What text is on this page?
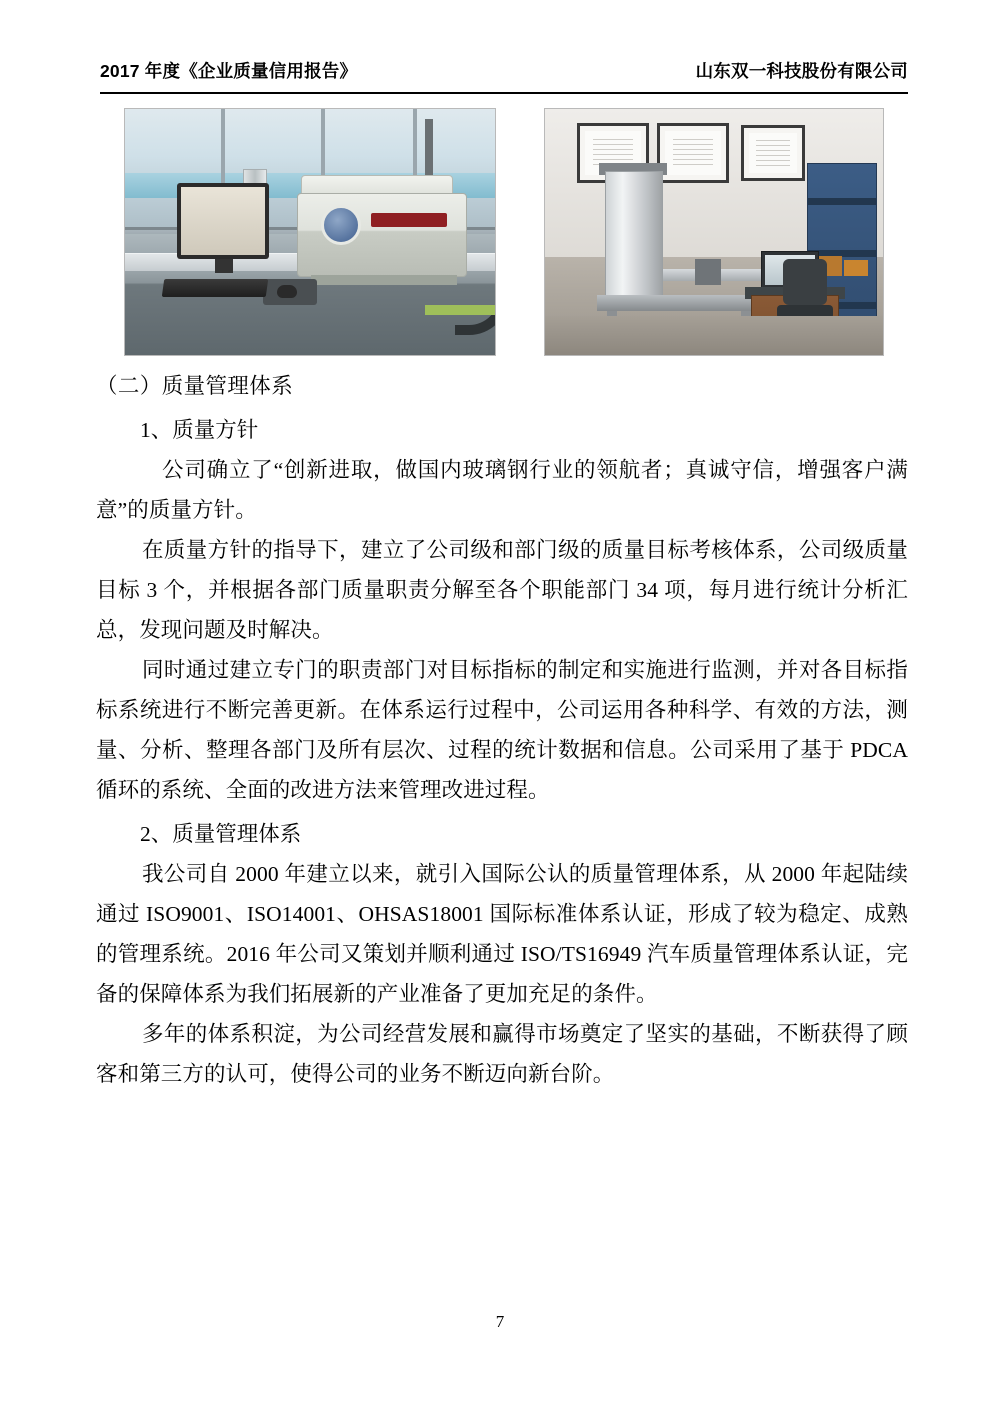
2017 年度《企业质量信用报告》	山东双一科技股份有限公司

（二）质量管理体系

1、质量方针

公司确立了“创新进取，做国内玻璃钢行业的领航者；真诚守信，增强客户满意”的质量方针。

在质量方针的指导下，建立了公司级和部门级的质量目标考核体系，公司级质量目标 3 个，并根据各部门质量职责分解至各个职能部门 34 项，每月进行统计分析汇总，发现问题及时解决。

同时通过建立专门的职责部门对目标指标的制定和实施进行监测，并对各目标指标系统进行不断完善更新。在体系运行过程中，公司运用各种科学、有效的方法，测量、分析、整理各部门及所有层次、过程的统计数据和信息。公司采用了基于 PDCA 循环的系统、全面的改进方法来管理改进过程。

2、质量管理体系

我公司自 2000 年建立以来，就引入国际公认的质量管理体系，从 2000 年起陆续通过 ISO9001、ISO14001、OHSAS18001 国际标准体系认证，形成了较为稳定、成熟的管理系统。2016 年公司又策划并顺利通过 ISO/TS16949 汽车质量管理体系认证，完备的保障体系为我们拓展新的产业准备了更加充足的条件。

多年的体系积淀，为公司经营发展和赢得市场奠定了坚实的基础，不断获得了顾客和第三方的认可，使得公司的业务不断迈向新台阶。

7
